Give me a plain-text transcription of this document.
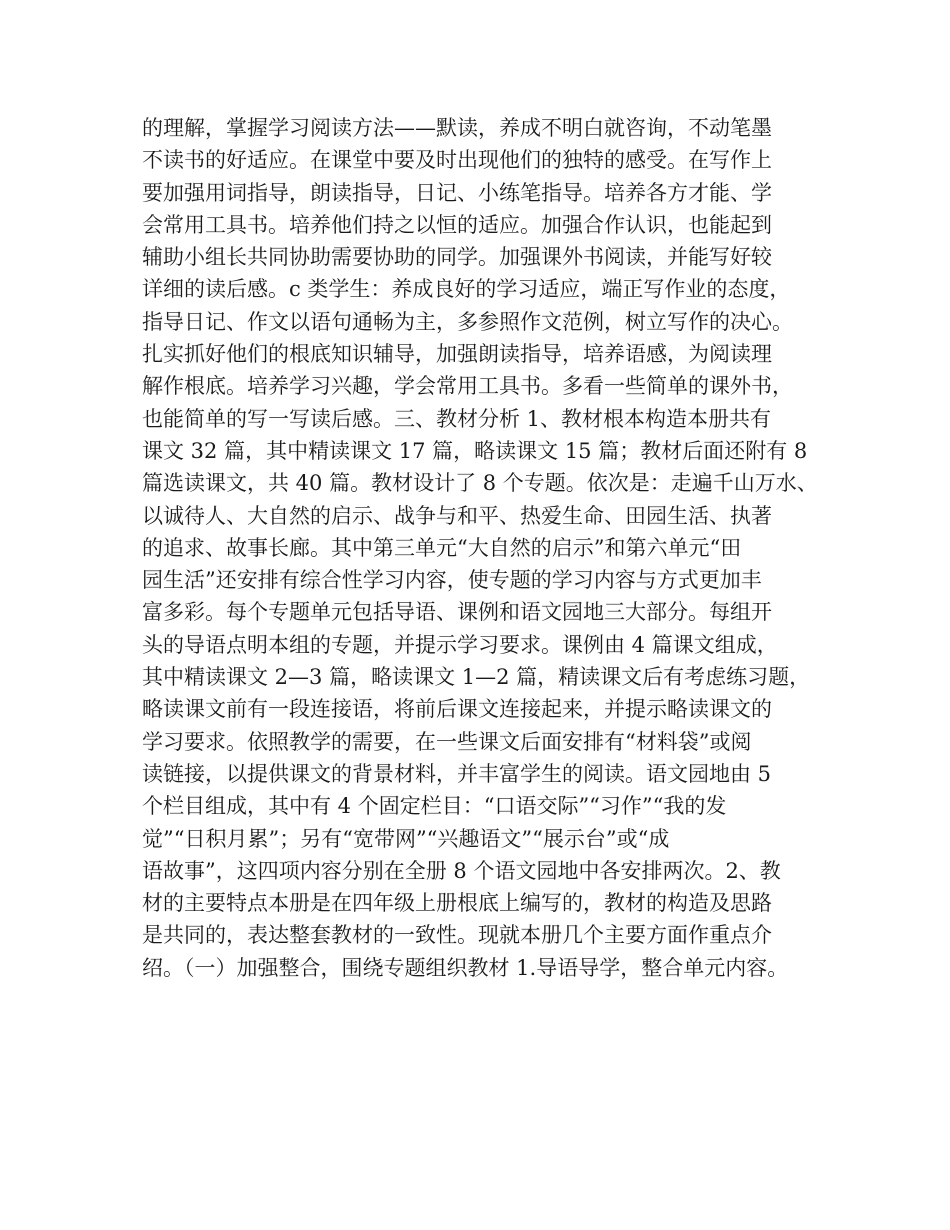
的理解，掌握学习阅读方法——默读，养成不明白就咨询，不动笔墨
不读书的好适应。在课堂中要及时出现他们的独特的感受。在写作上
要加强用词指导，朗读指导，日记、小练笔指导。培养各方才能、学
会常用工具书。培养他们持之以恒的适应。加强合作认识，也能起到
辅助小组长共同协助需要协助的同学。加强课外书阅读，并能写好较
详细的读后感。c 类学生：养成良好的学习适应，端正写作业的态度，
指导日记、作文以语句通畅为主，多参照作文范例，树立写作的决心。
扎实抓好他们的根底知识辅导，加强朗读指导，培养语感，为阅读理
解作根底。培养学习兴趣，学会常用工具书。多看一些简单的课外书，
也能简单的写一写读后感。三、教材分析 1、教材根本构造本册共有
课文 32 篇，其中精读课文 17 篇，略读课文 15 篇；教材后面还附有 8
篇选读课文，共 40 篇。教材设计了 8 个专题。依次是：走遍千山万水、
以诚待人、大自然的启示、战争与和平、热爱生命、田园生活、执著
的追求、故事长廊。其中第三单元“大自然的启示”和第六单元“田
园生活”还安排有综合性学习内容，使专题的学习内容与方式更加丰
富多彩。每个专题单元包括导语、课例和语文园地三大部分。每组开
头的导语点明本组的专题，并提示学习要求。课例由 4 篇课文组成，
其中精读课文 2—3 篇，略读课文 1—2 篇，精读课文后有考虑练习题，
略读课文前有一段连接语，将前后课文连接起来，并提示略读课文的
学习要求。依照教学的需要，在一些课文后面安排有“材料袋”或阅
读链接，以提供课文的背景材料，并丰富学生的阅读。语文园地由 5
个栏目组成，其中有 4 个固定栏目：“口语交际”“习作”“我的发
觉”“日积月累”；另有“宽带网”“兴趣语文”“展示台”或“成
语故事”，这四项内容分别在全册 8 个语文园地中各安排两次。2、教
材的主要特点本册是在四年级上册根底上编写的，教材的构造及思路
是共同的，表达整套教材的一致性。现就本册几个主要方面作重点介
绍。（一）加强整合，围绕专题组织教材 1.导语导学，整合单元内容。
